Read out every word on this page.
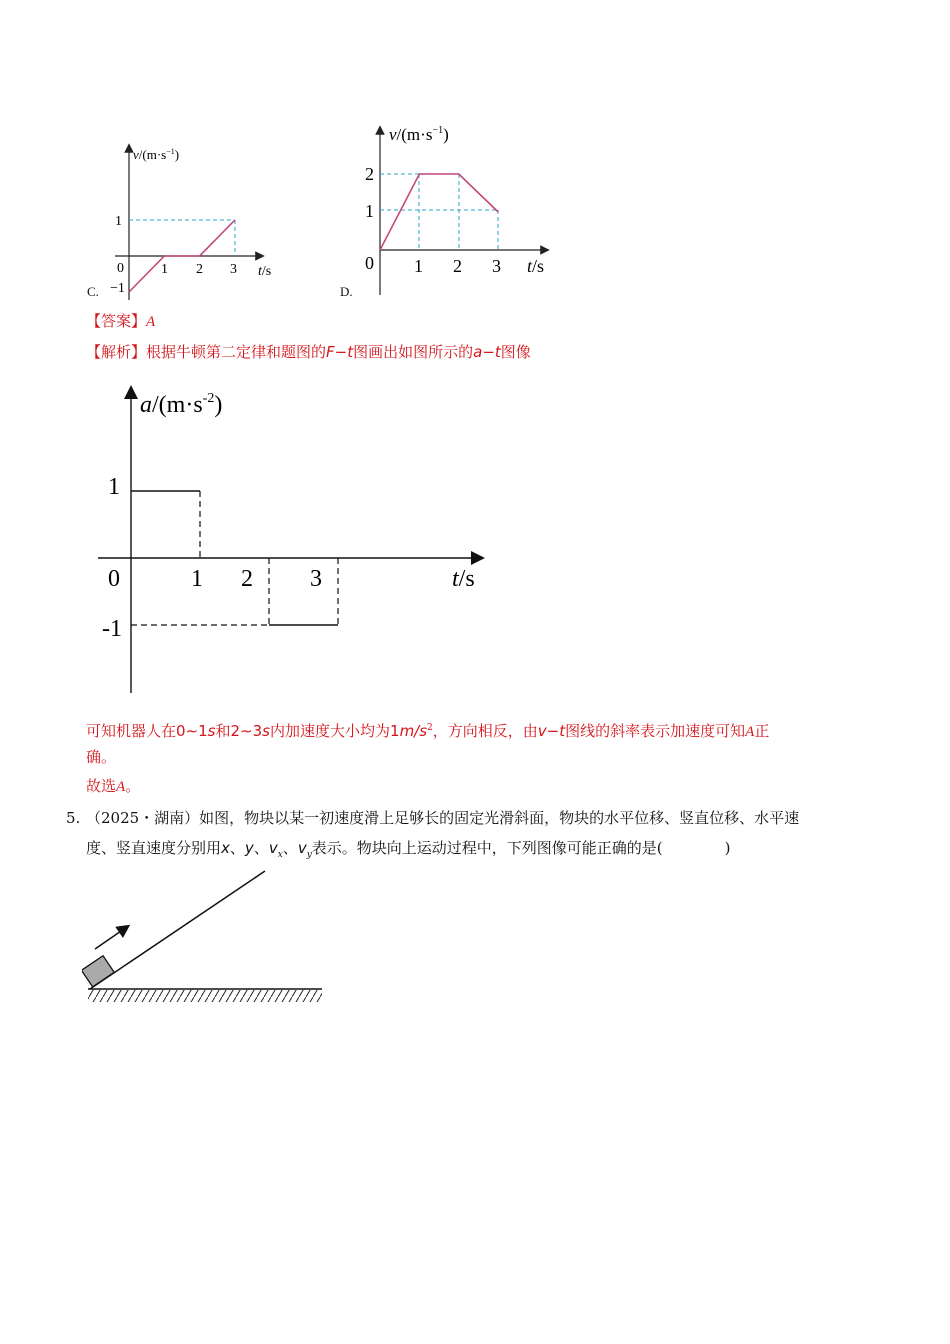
$v/(m\cdot s^{-1})$
t/s
0	1 2 3
1
−1
C.
$v/(m\cdot s^{-1})$
t/s
0 1 2 3
2
1
D.
【答案】A
【解析】根据牛顿第二定律和题图的F−t图画出如图所示的a−t图像
$a/(m\cdot s^{-2})$
t/s
0	1 2 3
1
-1
可知机器人在0∼1s和2∼3s内加速度大小均为$1m/s^2$，方向相反，由v−t图线的斜率表示加速度可知A正
确。
故选A。
5. （2025・湖南）如图，物块以某一初速度滑上足够长的固定光滑斜面，物块的水平位移、竖直位移、水平速
度、竖直速度分别用x、y、$v_x$、$v_y$表示。物块向上运动过程中，下列图像可能正确的是(	)
